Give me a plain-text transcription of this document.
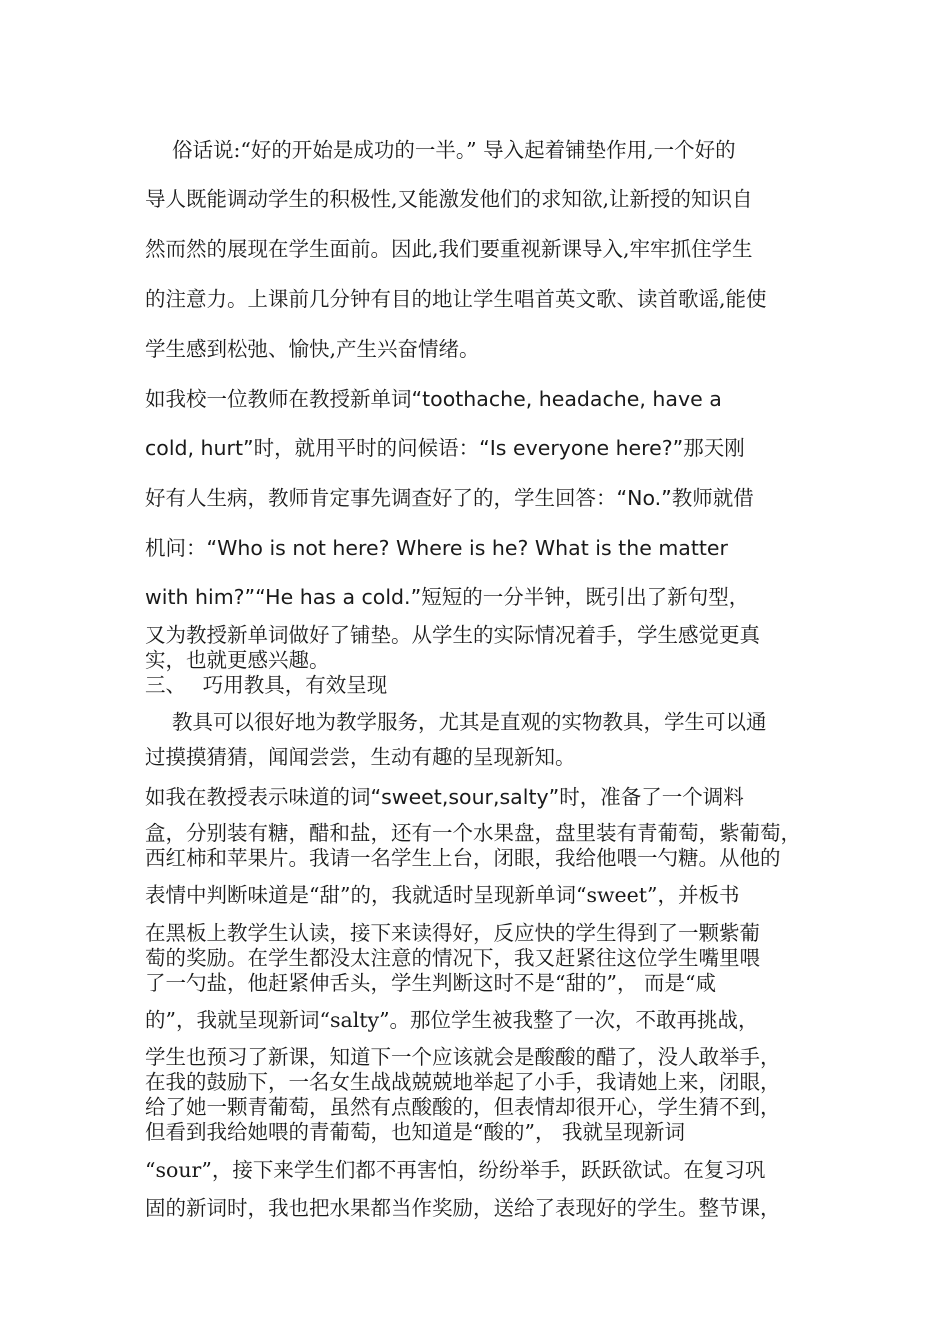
　 俗话说:“好的开始是成功的一半。” 导入起着铺垫作用,一个好的
导人既能调动学生的积极性,又能激发他们的求知欲,让新授的知识自
然而然的展现在学生面前。因此,我们要重视新课导入,牢牢抓住学生
的注意力。上课前几分钟有目的地让学生唱首英文歌、读首歌谣,能使
学生感到松弛、愉快,产生兴奋情绪。
如我校一位教师在教授新单词“toothache, headache, have a
cold, hurt”时，就用平时的问候语：“Is everyone here?”那天刚
好有人生病，教师肯定事先调查好了的，学生回答：“No.”教师就借
机问：“Who is not here? Where is he? What is the matter
with him?”“He has a cold.”短短的一分半钟，既引出了新句型，
又为教授新单词做好了铺垫。从学生的实际情况着手，学生感觉更真
实，也就更感兴趣。
三、　 巧用教具，有效呈现
　 教具可以很好地为教学服务，尤其是直观的实物教具，学生可以通
过摸摸猜猜，闻闻尝尝，生动有趣的呈现新知。
如我在教授表示味道的词“sweet,sour,salty”时，准备了一个调料
盒，分别装有糖，醋和盐，还有一个水果盘，盘里装有青葡萄，紫葡萄，
西红柿和苹果片。我请一名学生上台，闭眼，我给他喂一勺糖。从他的
表情中判断味道是“甜”的，我就适时呈现新单词“sweet”，并板书
在黑板上教学生认读，接下来读得好，反应快的学生得到了一颗紫葡
萄的奖励。在学生都没太注意的情况下，我又赶紧往这位学生嘴里喂
了一勺盐，他赶紧伸舌头，学生判断这时不是“甜的”， 而是“咸
的”，我就呈现新词“salty”。那位学生被我整了一次，不敢再挑战，
学生也预习了新课，知道下一个应该就会是酸酸的醋了，没人敢举手，
在我的鼓励下，一名女生战战兢兢地举起了小手，我请她上来，闭眼，
给了她一颗青葡萄，虽然有点酸酸的，但表情却很开心，学生猜不到，
但看到我给她喂的青葡萄，也知道是“酸的”， 我就呈现新词
“sour”，接下来学生们都不再害怕，纷纷举手，跃跃欲试。在复习巩
固的新词时，我也把水果都当作奖励，送给了表现好的学生。整节课，
